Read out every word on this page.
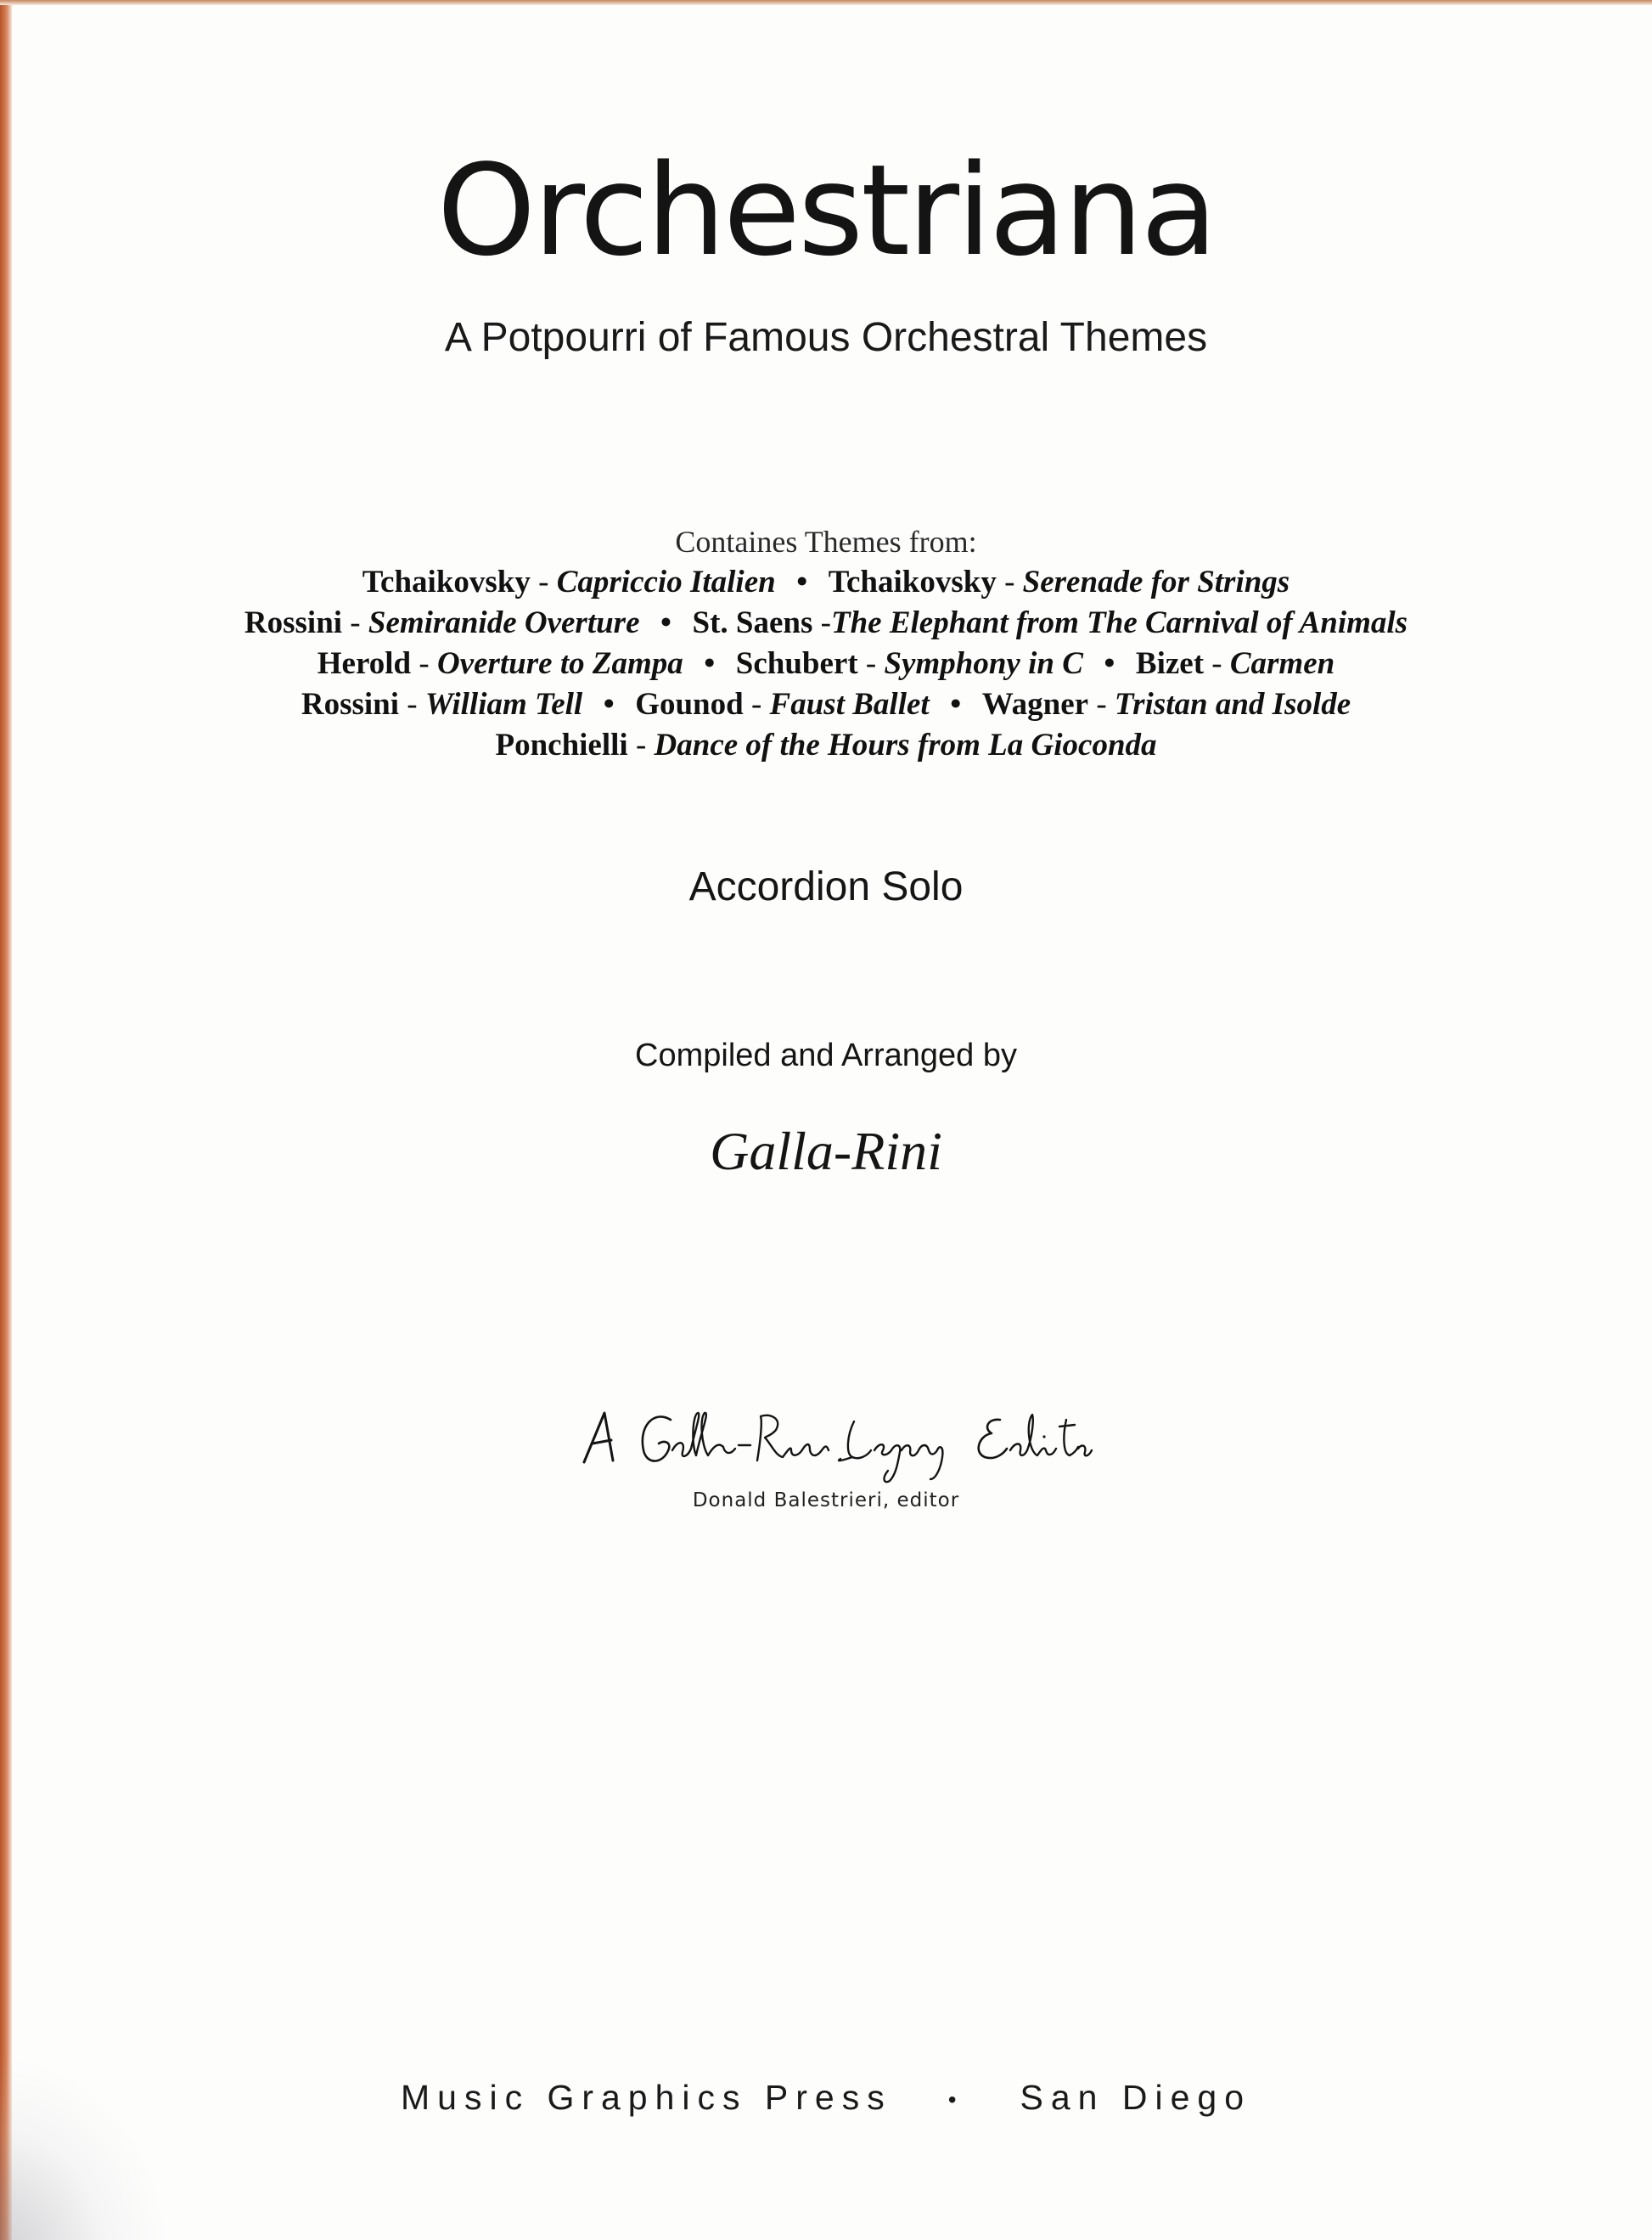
Orchestriana
A Potpourri of Famous Orchestral Themes
Containes Themes from:
Tchaikovsky - Capriccio Italien • Tchaikovsky - Serenade for Strings
Rossini - Semiranide Overture • St. Saens -The Elephant from The Carnival of Animals
Herold - Overture to Zampa • Schubert - Symphony in C • Bizet - Carmen
Rossini - William Tell • Gounod - Faust Ballet • Wagner - Tristan and Isolde
Ponchielli - Dance of the Hours from La Gioconda
Accordion Solo
Compiled and Arranged by
Galla-Rini
Donald Balestrieri, editor
Music Graphics Press • San Diego
